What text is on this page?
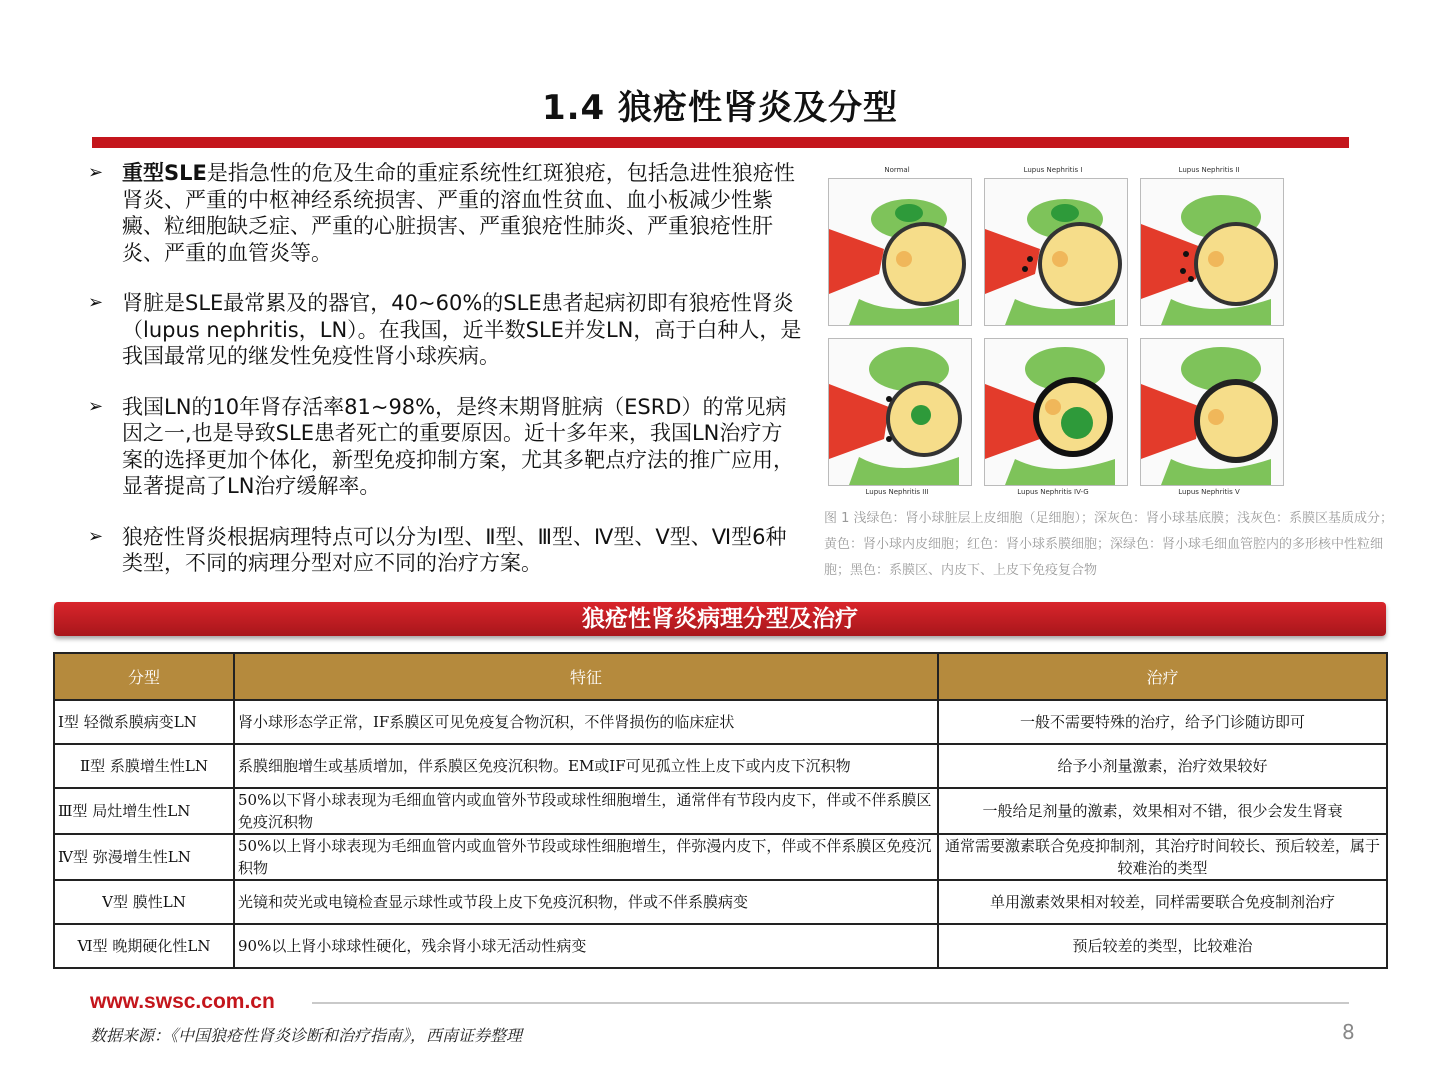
1.4 狼疮性肾炎及分型
➢ 重型SLE是指急性的危及生命的重症系统性红斑狼疮，包括急进性狼疮性肾炎、严重的中枢神经系统损害、严重的溶血性贫血、血小板减少性紫癜、粒细胞缺乏症、严重的心脏损害、严重狼疮性肺炎、严重狼疮性肝炎、严重的血管炎等。
➢ 肾脏是SLE最常累及的器官，40~60%的SLE患者起病初即有狼疮性肾炎（lupus nephritis，LN）。在我国，近半数SLE并发LN，高于白种人，是我国最常见的继发性免疫性肾小球疾病。
➢ 我国LN的10年肾存活率81~98%，是终末期肾脏病（ESRD）的常见病因之一,也是导致SLE患者死亡的重要原因。近十多年来，我国LN治疗方案的选择更加个体化，新型免疫抑制方案，尤其多靶点疗法的推广应用，显著提高了LN治疗缓解率。
➢ 狼疮性肾炎根据病理特点可以分为Ⅰ型、Ⅱ型、Ⅲ型、Ⅳ型、Ⅴ型、Ⅵ型6种类型，不同的病理分型对应不同的治疗方案。
Normal	Lupus Nephritis I	Lupus Nephritis II
Lupus Nephritis III	Lupus Nephritis IV-G	Lupus Nephritis V
图 1 浅绿色：肾小球脏层上皮细胞（足细胞）；深灰色：肾小球基底膜；浅灰色：系膜区基质成分；黄色：肾小球内皮细胞；红色：肾小球系膜细胞；深绿色：肾小球毛细血管腔内的多形核中性粒细胞；黑色：系膜区、内皮下、上皮下免疫复合物
狼疮性肾炎病理分型及治疗
分型	特征	治疗
Ⅰ型 轻微系膜病变LN	肾小球形态学正常，IF系膜区可见免疫复合物沉积，不伴肾损伤的临床症状	一般不需要特殊的治疗，给予门诊随访即可
Ⅱ型 系膜增生性LN	系膜细胞增生或基质增加，伴系膜区免疫沉积物。EM或IF可见孤立性上皮下或内皮下沉积物	给予小剂量激素，治疗效果较好
Ⅲ型 局灶增生性LN	50%以下肾小球表现为毛细血管内或血管外节段或球性细胞增生，通常伴有节段内皮下，伴或不伴系膜区免疫沉积物	一般给足剂量的激素，效果相对不错，很少会发生肾衰
Ⅳ型 弥漫增生性LN	50%以上肾小球表现为毛细血管内或血管外节段或球性细胞增生，伴弥漫内皮下，伴或不伴系膜区免疫沉积物	通常需要激素联合免疫抑制剂，其治疗时间较长、预后较差，属于较难治的类型
Ⅴ型 膜性LN	光镜和荧光或电镜检查显示球性或节段上皮下免疫沉积物，伴或不伴系膜病变	单用激素效果相对较差，同样需要联合免疫制剂治疗
Ⅵ型 晚期硬化性LN	90%以上肾小球球性硬化，残余肾小球无活动性病变	预后较差的类型，比较难治
www.swsc.com.cn
数据来源：《中国狼疮性肾炎诊断和治疗指南》，西南证券整理	8
